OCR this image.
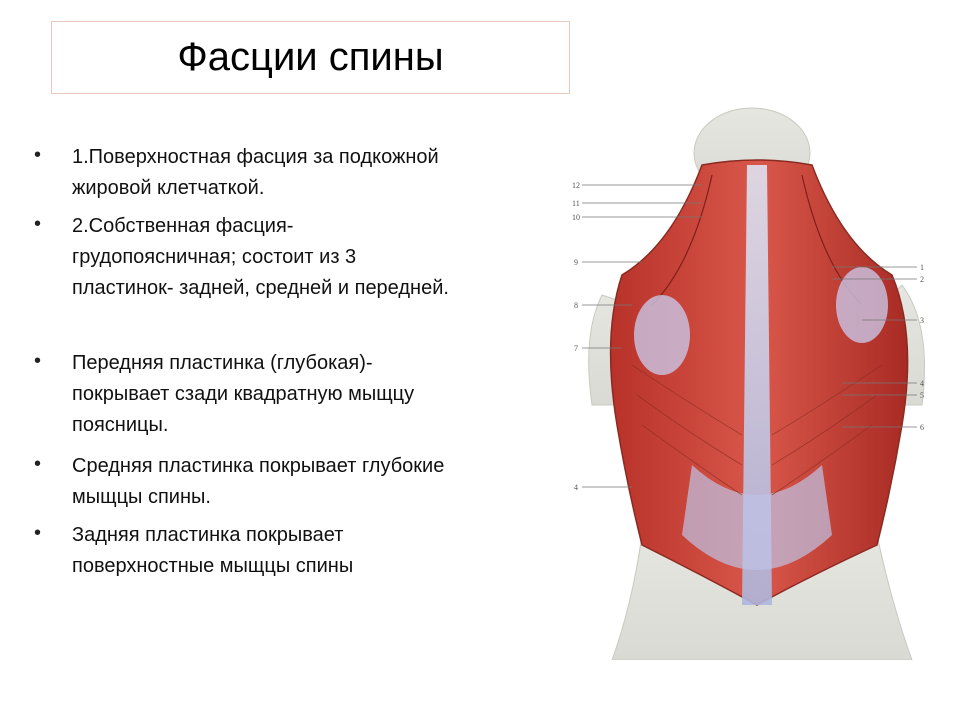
Фасции спины
• 1.Поверхностная фасция за подкожной
жировой клетчаткой.
• 2.Собственная фасция-
грудопоясничная; состоит из 3
пластинок- задней, средней и передней.
• Передняя пластинка (глубокая)-
покрывает сзади квадратную мыщцу
поясницы.
• Средняя пластинка покрывает глубокие
мыщцы спины.
• Задняя пластинка покрывает
поверхностные мыщцы спины
12
11
10
9
8
7
4
1
2
3
4
5
6
